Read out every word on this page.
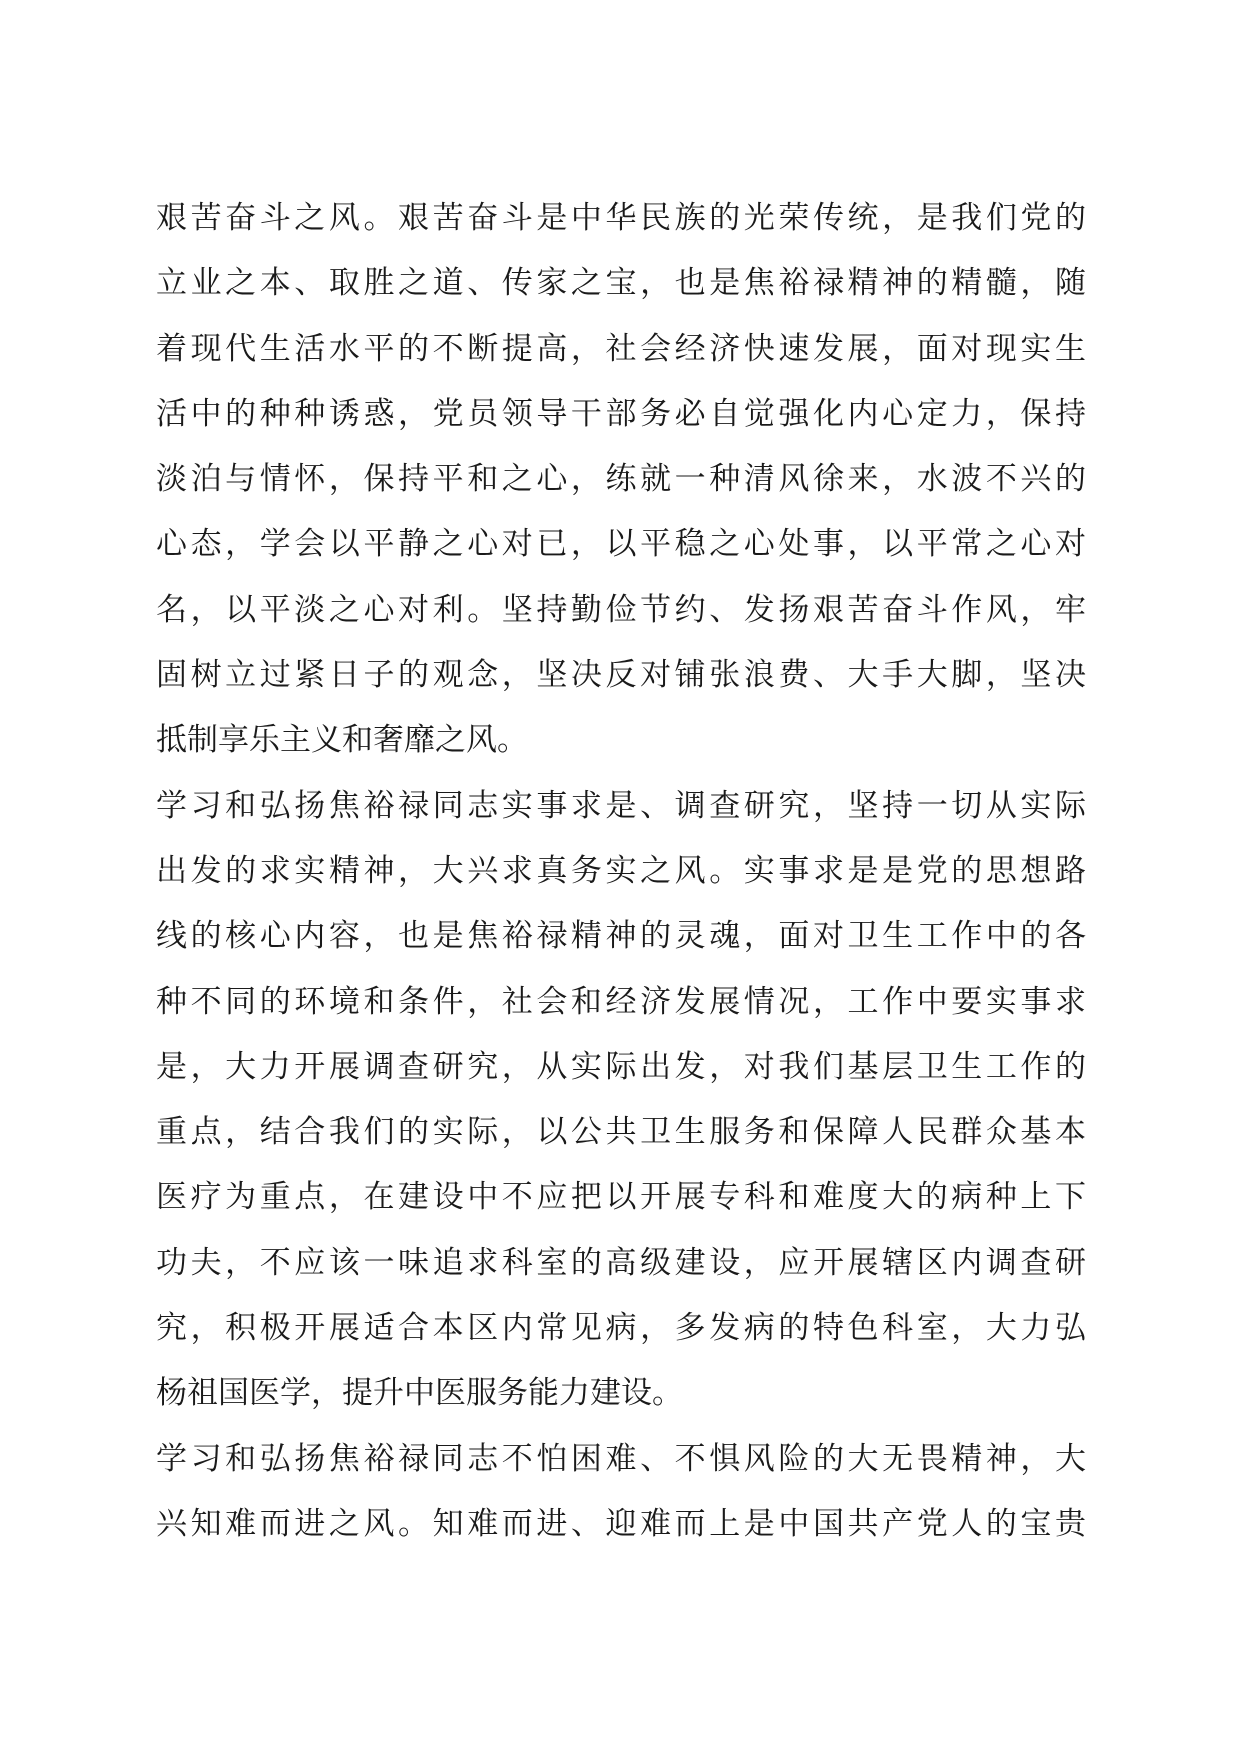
艰苦奋斗之风。艰苦奋斗是中华民族的光荣传统，是我们党的
立业之本、取胜之道、传家之宝，也是焦裕禄精神的精髓，随
着现代生活水平的不断提高，社会经济快速发展，面对现实生
活中的种种诱惑，党员领导干部务必自觉强化内心定力，保持
淡泊与情怀，保持平和之心，练就一种清风徐来，水波不兴的
心态，学会以平静之心对已，以平稳之心处事，以平常之心对
名，以平淡之心对利。坚持勤俭节约、发扬艰苦奋斗作风，牢
固树立过紧日子的观念，坚决反对铺张浪费、大手大脚，坚决
抵制享乐主义和奢靡之风。
学习和弘扬焦裕禄同志实事求是、调查研究，坚持一切从实际
出发的求实精神，大兴求真务实之风。实事求是是党的思想路
线的核心内容，也是焦裕禄精神的灵魂，面对卫生工作中的各
种不同的环境和条件，社会和经济发展情况，工作中要实事求
是，大力开展调查研究，从实际出发，对我们基层卫生工作的
重点，结合我们的实际，以公共卫生服务和保障人民群众基本
医疗为重点，在建设中不应把以开展专科和难度大的病种上下
功夫，不应该一味追求科室的高级建设，应开展辖区内调查研
究，积极开展适合本区内常见病，多发病的特色科室，大力弘
杨祖国医学，提升中医服务能力建设。
学习和弘扬焦裕禄同志不怕困难、不惧风险的大无畏精神，大
兴知难而进之风。知难而进、迎难而上是中国共产党人的宝贵
